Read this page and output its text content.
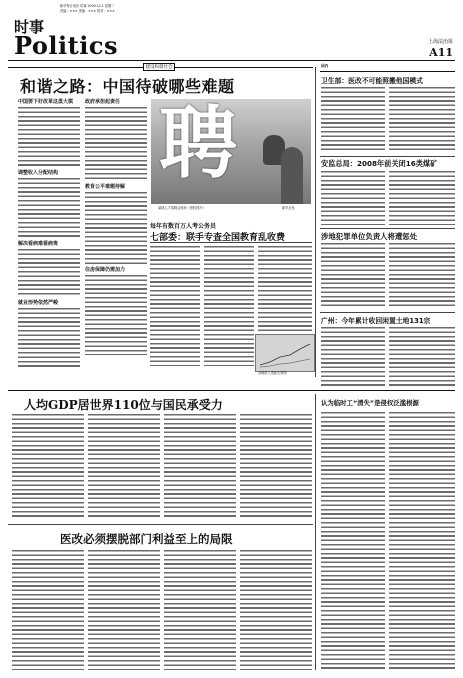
时事
Politics
新华每日电讯 时事 2009.12.1 星期二
责编：××× 美编：××× 校对：×××
上海法治报
A11
建设和谐社会
和谐之路：中国待破哪些难题
中国要下好改革这盘大棋
调整收入分配结构
解决看病难看病贵
就业形势依然严峻
政府承担起责任
教育公平难题待解
住房保障仍需加力
聘
某地人才招聘会现场（资料图片）	新华社发
每年有数百万人考公务员
七部委：联手专查全国教育乱收费
各地收入差距走势图
国内
卫生部：医改不可能照搬他国模式
安监总局：2008年前关闭16类煤矿
涉地犯罪单位负责人将遭惩处
广州：今年累计收回闲置土地131宗
人均GDP居世界110位与国民承受力	认为临时工“清失”是侵权泛滥根源
医改必须摆脱部门利益至上的局限
